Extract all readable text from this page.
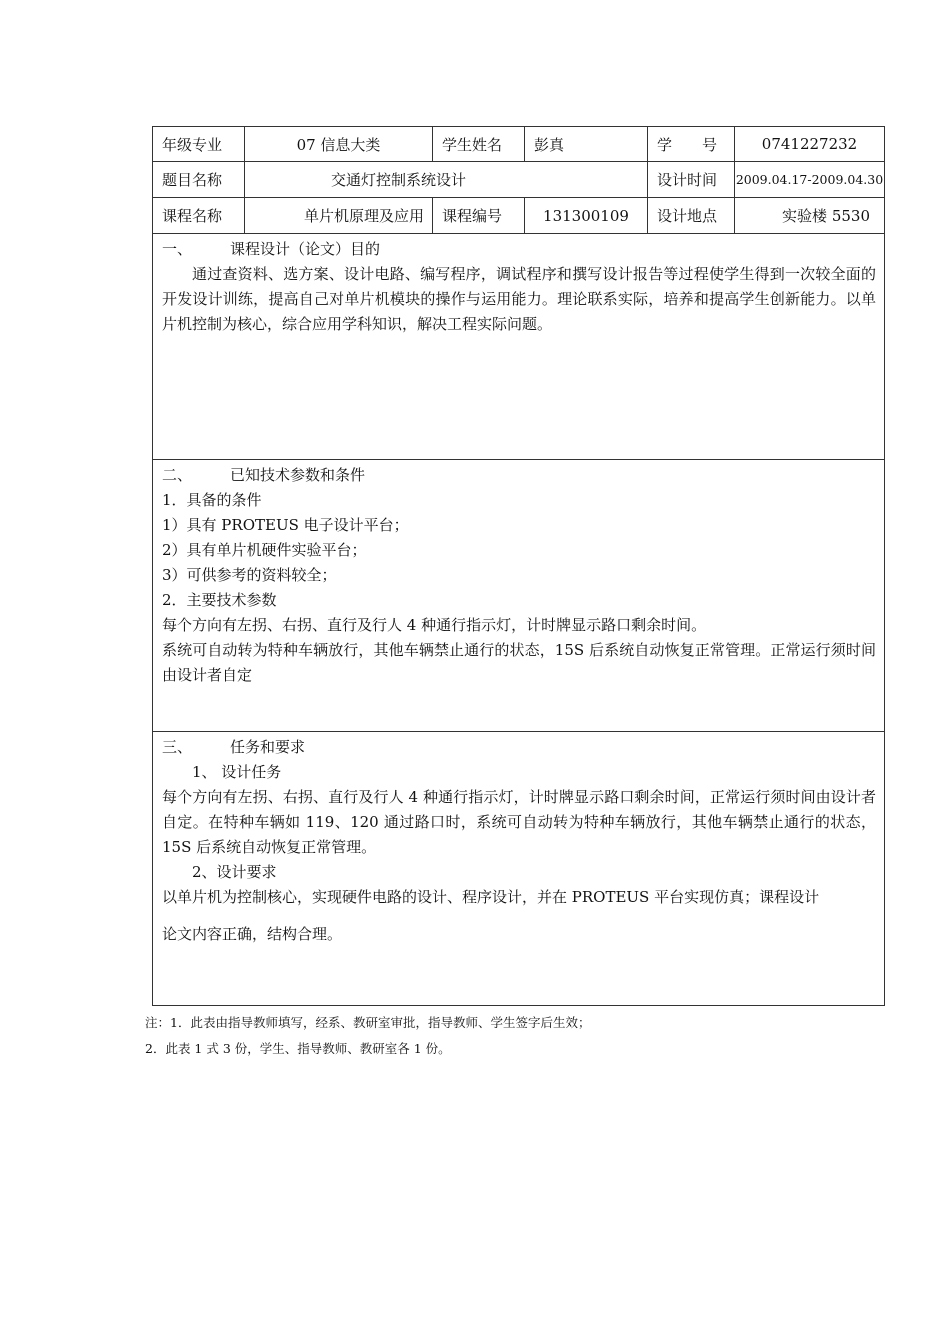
年级专业	07 信息大类	学生姓名	彭真	学　　号	0741227232
题目名称	交通灯控制系统设计	设计时间	2009.04.17-2009.04.30
课程名称	单片机原理及应用	课程编号	131300109	设计地点	实验楼 5530
一、	课程设计（论文）目的

通过查资料、选方案、设计电路、编写程序，调试程序和撰写设计报告等过程使学生得到一次较全面的开发设计训练，提高自己对单片机模块的操作与运用能力。理论联系实际，培养和提高学生创新能力。以单片机控制为核心，综合应用学科知识，解决工程实际问题。

二、	已知技术参数和条件

1．具备的条件

1）具有 PROTEUS 电子设计平台；

2）具有单片机硬件实验平台；

3）可供参考的资料较全；

2．主要技术参数

每个方向有左拐、右拐、直行及行人 4 种通行指示灯，计时牌显示路口剩余时间。

系统可自动转为特种车辆放行，其他车辆禁止通行的状态，15S 后系统自动恢复正常管理。正常运行须时间由设计者自定

三、	任务和要求

1、 设计任务

每个方向有左拐、右拐、直行及行人 4 种通行指示灯，计时牌显示路口剩余时间，正常运行须时间由设计者自定。在特种车辆如 119、120 通过路口时，系统可自动转为特种车辆放行，其他车辆禁止通行的状态，15S 后系统自动恢复正常管理。

2、设计要求

以单片机为控制核心，实现硬件电路的设计、程序设计，并在 PROTEUS 平台实现仿真；课程设计

论文内容正确，结构合理。

注：1．此表由指导教师填写，经系、教研室审批，指导教师、学生签字后生效；
2．此表 1 式 3 份，学生、指导教师、教研室各 1 份。
